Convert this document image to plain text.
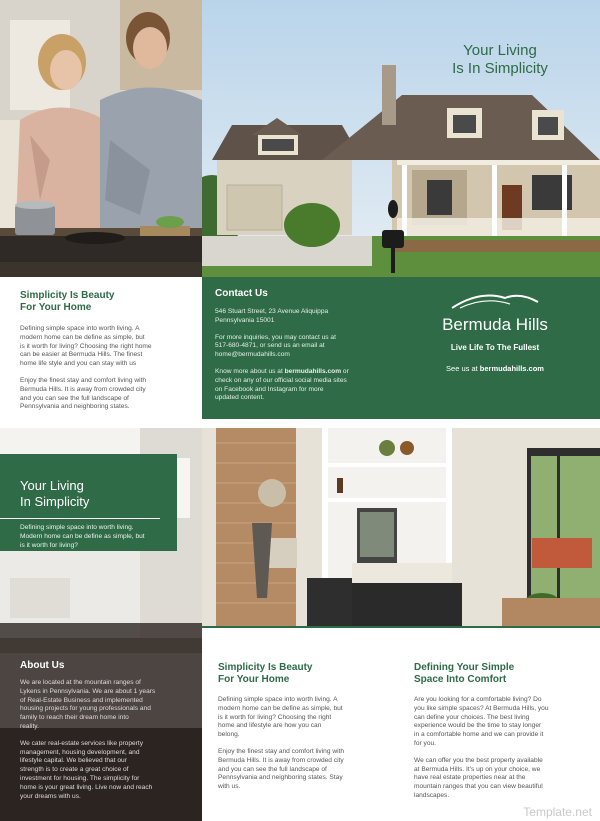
Your Living
Is In Simplicity
Simplicity Is Beauty
For Your Home
Defining simple space into worth living. A
modern home can be define as simple, but
is it worth for living? Choosing the right home
can be easier at Bermuda Hills. The finest
home life style and you can stay with us
Enjoy the finest stay and comfort living with
Bermuda Hills. It is away from crowded city
and you can see the full landscape of
Pennsylvania and neighboring states.
Contact Us
546 Stuart Street, 23 Avenue Aliquippa
Pennsylvania 15001
For more inquiries, you may contact us at
517-680-4871, or send us an email at
home@bermudahills.com
Know more about us at bermudahills.com or
check on any of our official social media sites
on Facebook and Instagram for more
updated content.
Bermuda Hills
Live Life To The Fullest
See us at bermudahills.com
Your Living
In Simplicity
Defining simple space into worth living.
Modern home can be define as simple, but
is it worth for living?
About Us
We are located at the mountain ranges of
Lykens in Pennsylvania. We are about 1 years
of Real-Estate Business and implemented
housing projects for young professionals and
family to reach their dream home into
reality.
We cater real-estate services like property
management, housing development, and
lifestyle capital. We believed that our
strength is to create a great choice of
investment for housing. The simplicity for
home is your great living. Live now and reach
your dreams with us.
Simplicity Is Beauty
For Your Home
Defining simple space into worth living. A
modern home can be define as simple, but
is it worth for living? Choosing the right
home and lifestyle are how you can
belong.
Enjoy the finest stay and comfort living with
Bermuda Hills. It is away from crowded city
and you can see the full landscape of
Pennsylvania and neighboring states. Stay
with us.
Defining Your Simple
Space Into Comfort
Are you looking for a comfortable living? Do
you like simple spaces? At Bermuda Hills, you
can define your choices. The best living
experience would be the time to stay longer
in a comfortable home and we can provide it
for you.
We can offer you the best property available
at Bermuda Hills. It's up on your choice, we
have real estate properties near at the
mountain ranges that you can view beautiful
landscapes.
Template.net
